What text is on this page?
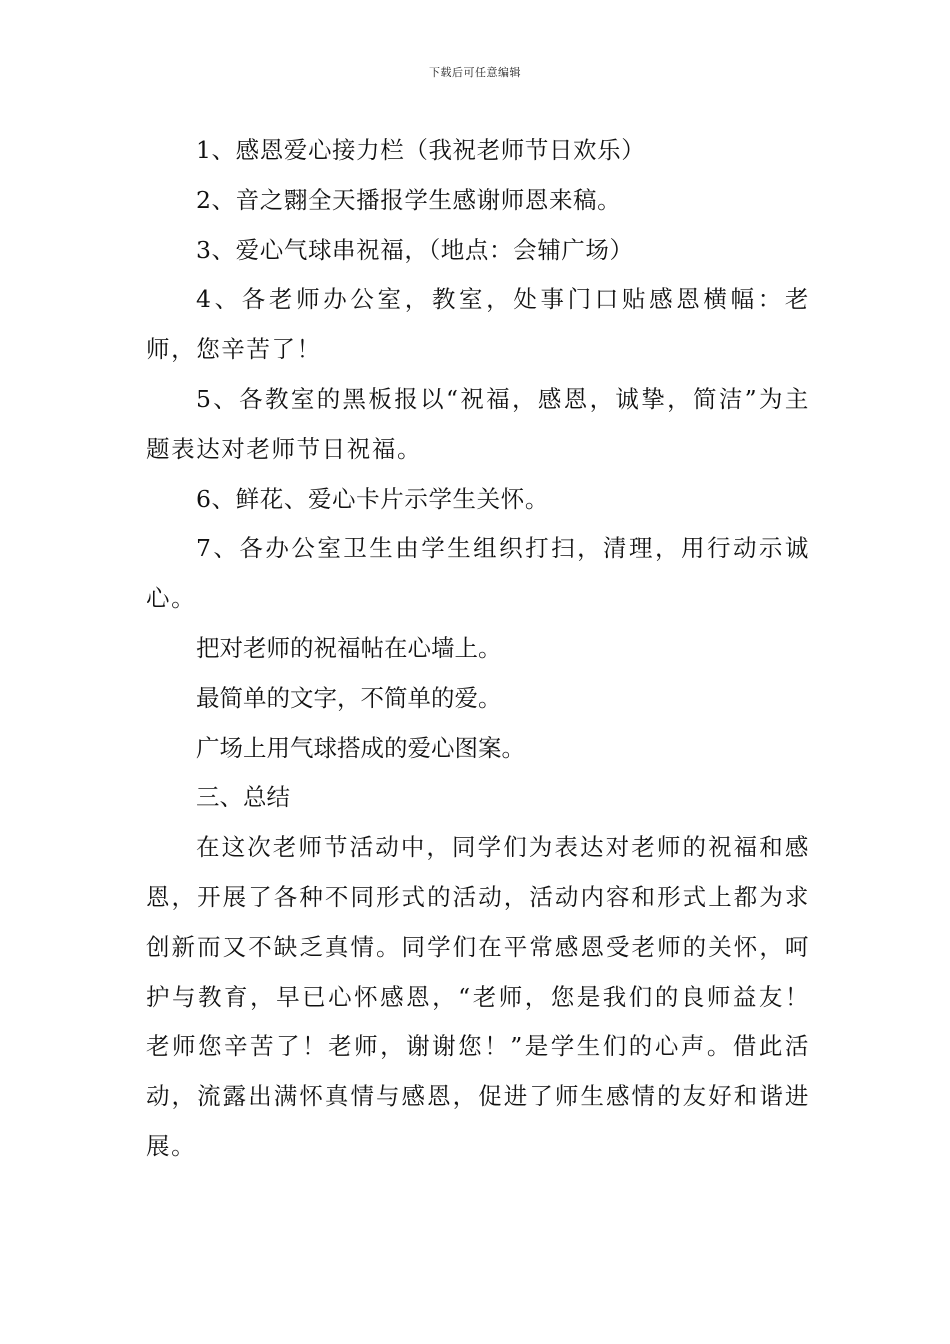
下载后可任意编辑

1、感恩爱心接力栏（我祝老师节日欢乐）

2、音之翾全天播报学生感谢师恩来稿。

3、爱心气球串祝福，（地点：会辅广场）

4、各老师办公室，教室，处事门口贴感恩横幅：老师，您辛苦了！

5、各教室的黑板报以“祝福，感恩，诚挚，简洁”为主题表达对老师节日祝福。

6、鲜花、爱心卡片示学生关怀。

7、各办公室卫生由学生组织打扫，清理，用行动示诚心。

把对老师的祝福帖在心墙上。

最简单的文字，不简单的爱。

广场上用气球搭成的爱心图案。

三、总结

在这次老师节活动中，同学们为表达对老师的祝福和感恩，开展了各种不同形式的活动，活动内容和形式上都为求创新而又不缺乏真情。同学们在平常感恩受老师的关怀，呵护与教育，早已心怀感恩，“老师，您是我们的良师益友！老师您辛苦了！老师，谢谢您！”是学生们的心声。借此活动，流露出满怀真情与感恩，促进了师生感情的友好和谐进展。
